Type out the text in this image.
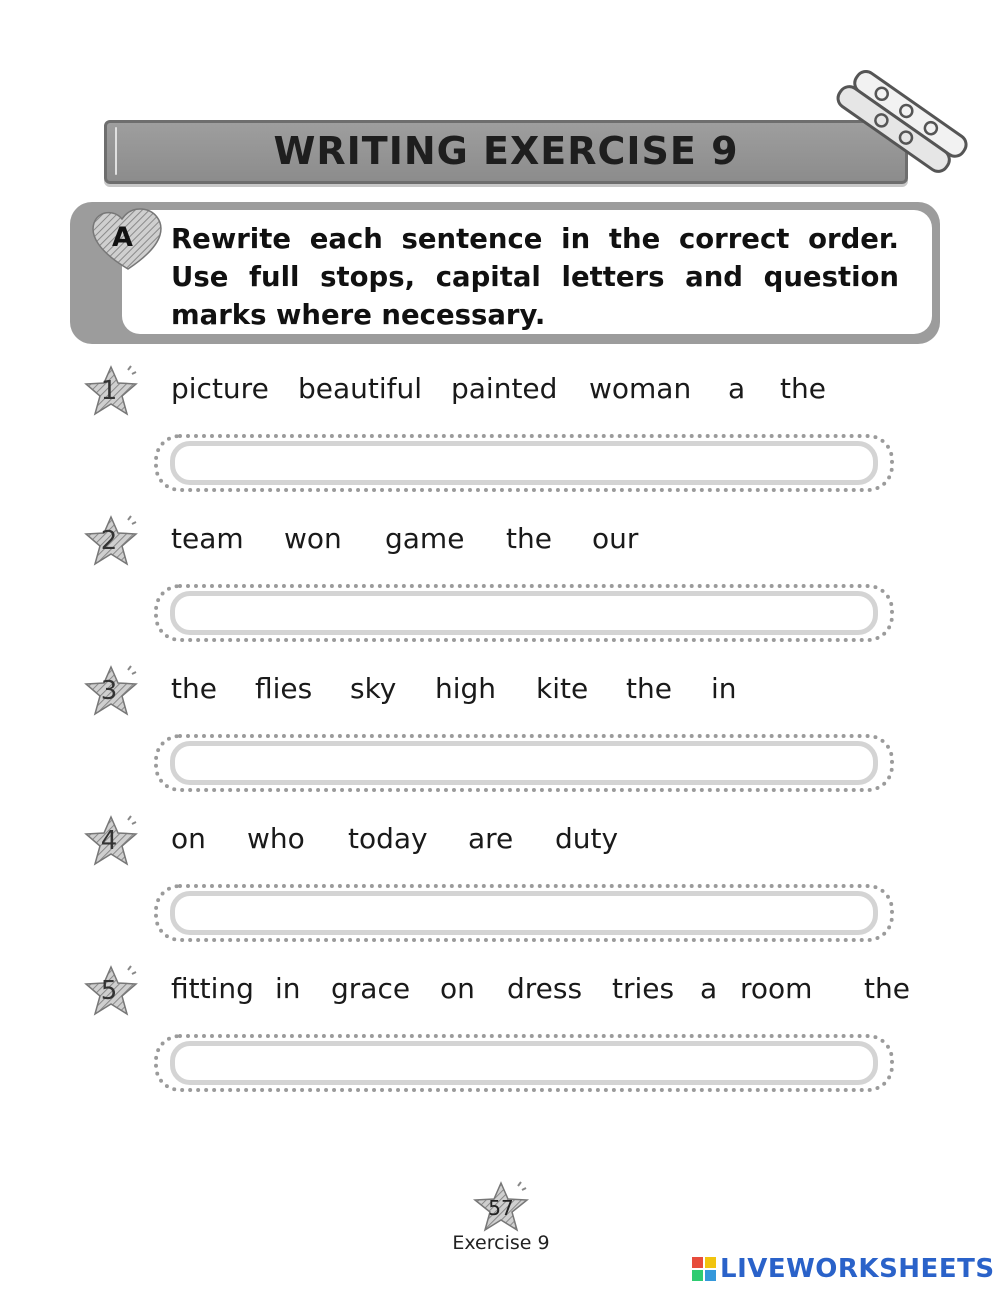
WRITING EXERCISE 9
A Rewrite each sentence in the correct order. Use full stops, capital letters and question marks where necessary.
1	picture beautiful painted woman a the
2	team won game the our
3	the flies sky high kite the in
4	on who today are duty
5	fitting in grace on dress tries a room the
57
Exercise 9
LIVEWORKSHEETS
